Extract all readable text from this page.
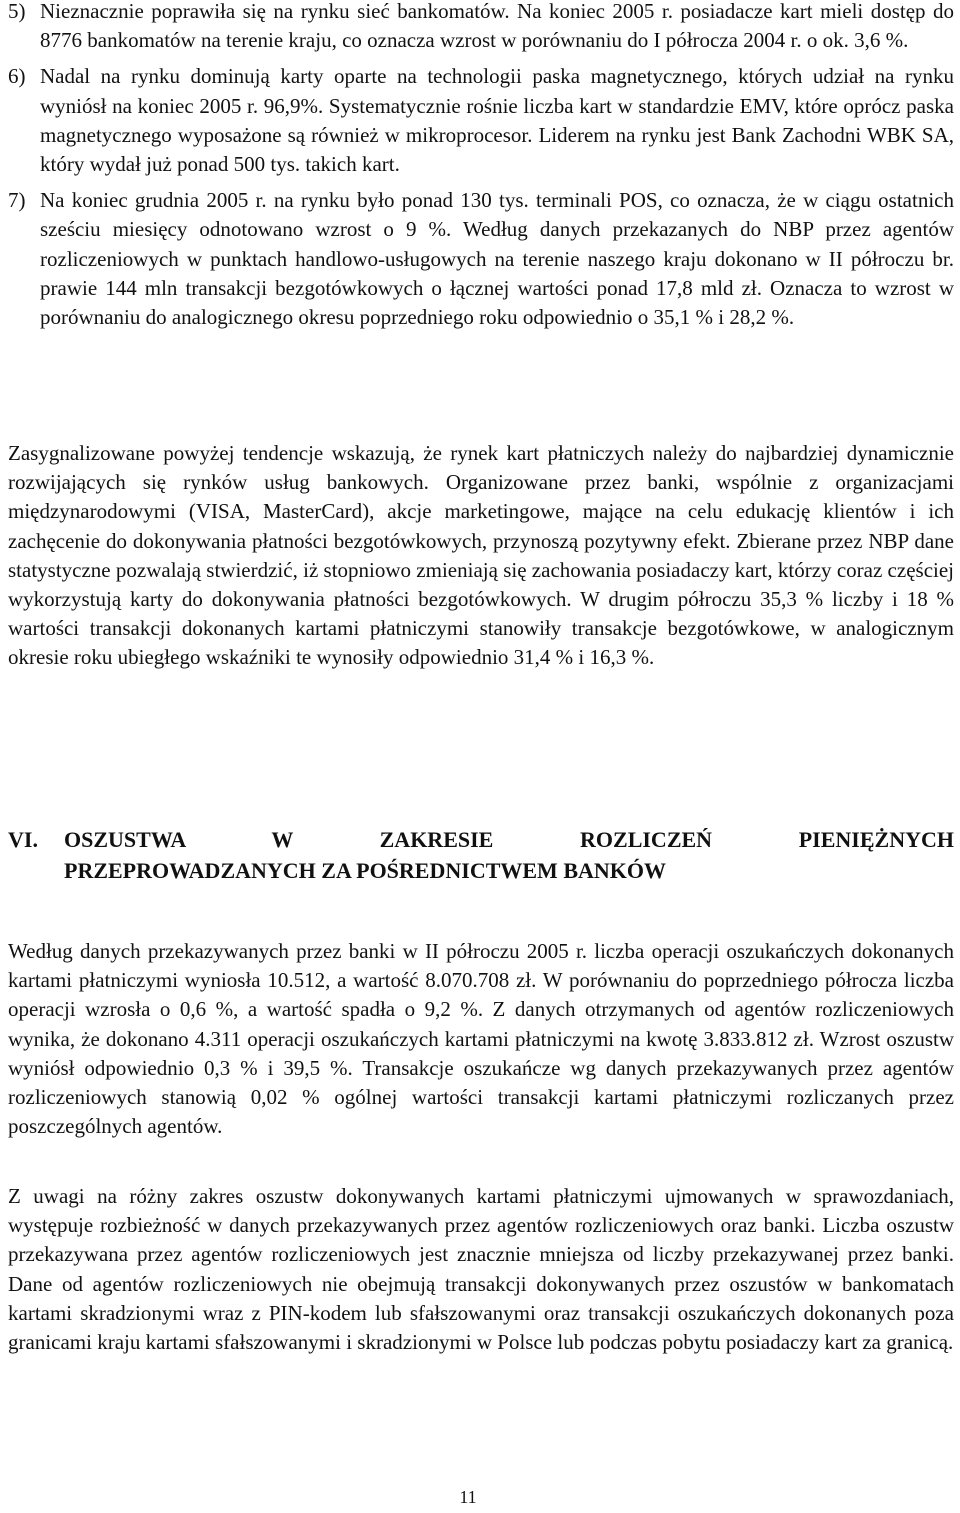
5) Nieznacznie poprawiła się na rynku sieć bankomatów. Na koniec 2005 r. posiadacze kart mieli dostęp do 8776 bankomatów na terenie kraju, co oznacza wzrost w porównaniu do I półrocza 2004 r. o ok. 3,6 %.
6) Nadal na rynku dominują karty oparte na technologii paska magnetycznego, których udział na rynku wyniósł na koniec 2005 r. 96,9%. Systematycznie rośnie liczba kart w standardzie EMV, które oprócz paska magnetycznego wyposażone są również w mikroprocesor. Liderem na rynku jest Bank Zachodni WBK SA, który wydał już ponad 500 tys. takich kart.
7) Na koniec grudnia 2005 r. na rynku było ponad 130 tys. terminali POS, co oznacza, że w ciągu ostatnich sześciu miesięcy odnotowano wzrost o 9 %. Według danych przekazanych do NBP przez agentów rozliczeniowych w punktach handlowo-usługowych na terenie naszego kraju dokonano w II półroczu br. prawie 144 mln transakcji bezgotówkowych o łącznej wartości ponad 17,8 mld zł. Oznacza to wzrost w porównaniu do analogicznego okresu poprzedniego roku odpowiednio o 35,1 % i 28,2 %.

Zasygnalizowane powyżej tendencje wskazują, że rynek kart płatniczych należy do najbardziej dynamicznie rozwijających się rynków usług bankowych. Organizowane przez banki, wspólnie z organizacjami międzynarodowymi (VISA, MasterCard), akcje marketingowe, mające na celu edukację klientów i ich zachęcenie do dokonywania płatności bezgotówkowych, przynoszą pozytywny efekt. Zbierane przez NBP dane statystyczne pozwalają stwierdzić, iż stopniowo zmieniają się zachowania posiadaczy kart, którzy coraz częściej wykorzystują karty do dokonywania płatności bezgotówkowych. W drugim półroczu 35,3 % liczby i 18 % wartości transakcji dokonanych kartami płatniczymi stanowiły transakcje bezgotówkowe, w analogicznym okresie roku ubiegłego wskaźniki te wynosiły odpowiednio 31,4 % i 16,3 %.

VI.	OSZUSTWA W ZAKRESIE ROZLICZEŃ PIENIĘŻNYCH
PRZEPROWADZANYCH ZA POŚREDNICTWEM BANKÓW

Według danych przekazywanych przez banki w II półroczu 2005 r. liczba operacji oszukańczych dokonanych kartami płatniczymi wyniosła 10.512, a wartość 8.070.708 zł. W porównaniu do poprzedniego półrocza liczba operacji wzrosła o 0,6 %, a wartość spadła o 9,2 %. Z danych otrzymanych od agentów rozliczeniowych wynika, że dokonano 4.311 operacji oszukańczych kartami płatniczymi na kwotę 3.833.812 zł. Wzrost oszustw wyniósł odpowiednio 0,3 % i 39,5 %. Transakcje oszukańcze wg danych przekazywanych przez agentów rozliczeniowych stanowią 0,02 % ogólnej wartości transakcji kartami płatniczymi rozliczanych przez poszczególnych agentów.

Z uwagi na różny zakres oszustw dokonywanych kartami płatniczymi ujmowanych w sprawozdaniach, występuje rozbieżność w danych przekazywanych przez agentów rozliczeniowych oraz banki. Liczba oszustw przekazywana przez agentów rozliczeniowych jest znacznie mniejsza od liczby przekazywanej przez banki. Dane od agentów rozliczeniowych nie obejmują transakcji dokonywanych przez oszustów w bankomatach kartami skradzionymi wraz z PIN-kodem lub sfałszowanymi oraz transakcji oszukańczych dokonanych poza granicami kraju kartami sfałszowanymi i skradzionymi w Polsce lub podczas pobytu posiadaczy kart za granicą.

11
